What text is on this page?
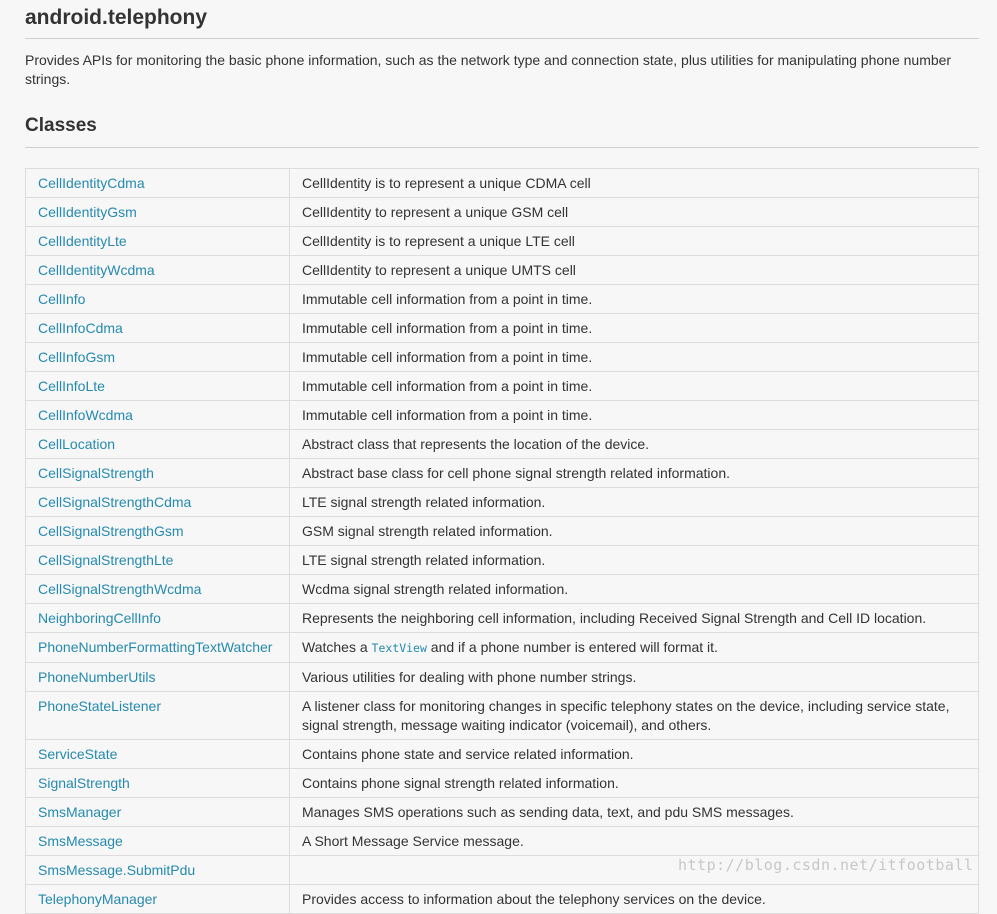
android.telephony

Provides APIs for monitoring the basic phone information, such as the network type and connection state, plus utilities for manipulating phone number strings.

Classes
CellIdentityCdma	CellIdentity is to represent a unique CDMA cell
CellIdentityGsm	CellIdentity to represent a unique GSM cell
CellIdentityLte	CellIdentity is to represent a unique LTE cell
CellIdentityWcdma	CellIdentity to represent a unique UMTS cell
CellInfo	Immutable cell information from a point in time.
CellInfoCdma	Immutable cell information from a point in time.
CellInfoGsm	Immutable cell information from a point in time.
CellInfoLte	Immutable cell information from a point in time.
CellInfoWcdma	Immutable cell information from a point in time.
CellLocation	Abstract class that represents the location of the device.
CellSignalStrength	Abstract base class for cell phone signal strength related information.
CellSignalStrengthCdma	LTE signal strength related information.
CellSignalStrengthGsm	GSM signal strength related information.
CellSignalStrengthLte	LTE signal strength related information.
CellSignalStrengthWcdma	Wcdma signal strength related information.
NeighboringCellInfo	Represents the neighboring cell information, including Received Signal Strength and Cell ID location.
PhoneNumberFormattingTextWatcher	Watches a TextView and if a phone number is entered will format it.
PhoneNumberUtils	Various utilities for dealing with phone number strings.
PhoneStateListener	A listener class for monitoring changes in specific telephony states on the device, including service state, signal strength, message waiting indicator (voicemail), and others.
ServiceState	Contains phone state and service related information.
SignalStrength	Contains phone signal strength related information.
SmsManager	Manages SMS operations such as sending data, text, and pdu SMS messages.
SmsMessage	A Short Message Service message.
SmsMessage.SubmitPdu	
TelephonyManager	Provides access to information about the telephony services on the device.
http://blog.csdn.net/itfootball
